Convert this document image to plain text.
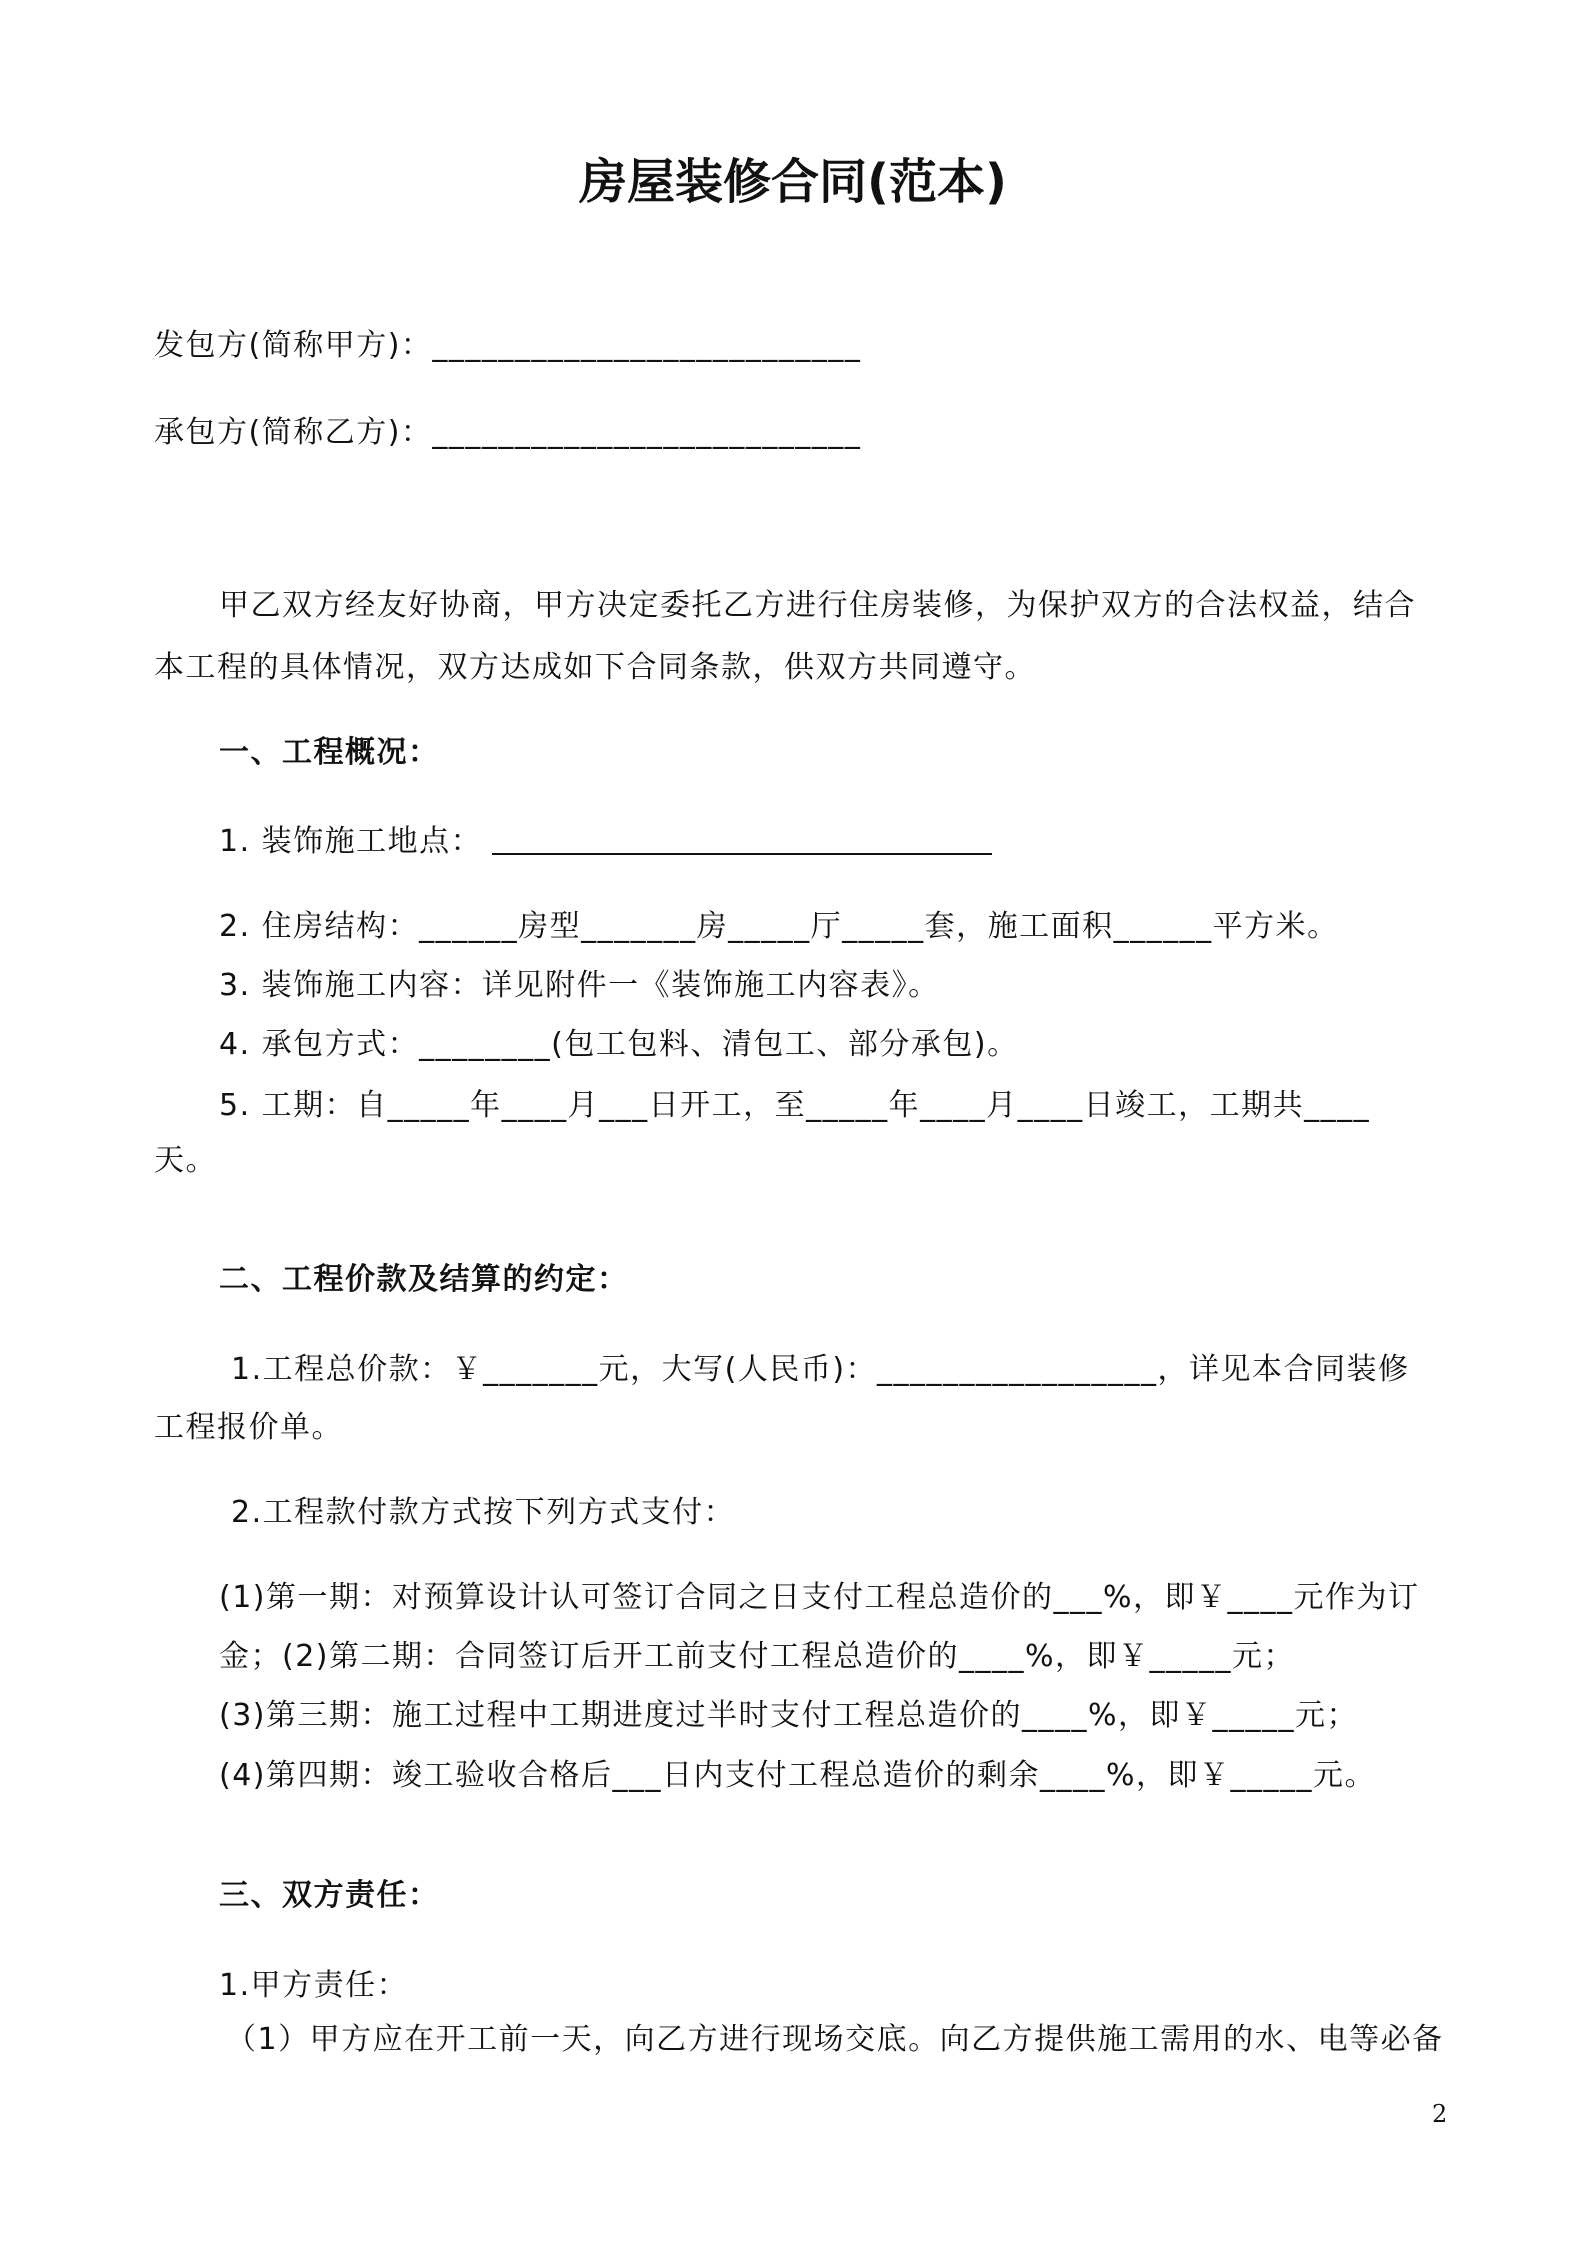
房屋装修合同(范本)
发包方(简称甲方)：__________________________
承包方(简称乙方)：__________________________
甲乙双方经友好协商，甲方决定委托乙方进行住房装修，为保护双方的合法权益，结合
本工程的具体情况，双方达成如下合同条款，供双方共同遵守。
一、工程概况：
1. 装饰施工地点：
2. 住房结构：______房型_______房_____厅_____套，施工面积______平方米。
3. 装饰施工内容：详见附件一《装饰施工内容表》。
4. 承包方式：________(包工包料、清包工、部分承包)。
5. 工期：自_____年____月___日开工，至_____年____月____日竣工，工期共____
天。
二、工程价款及结算的约定：
1.工程总价款：￥_______元，大写(人民币)：_________________，详见本合同装修
工程报价单。
2.工程款付款方式按下列方式支付：
(1)第一期：对预算设计认可签订合同之日支付工程总造价的___%，即￥____元作为订
金；(2)第二期：合同签订后开工前支付工程总造价的____%，即￥_____元；
(3)第三期：施工过程中工期进度过半时支付工程总造价的____%，即￥_____元；
(4)第四期：竣工验收合格后___日内支付工程总造价的剩余____%，即￥_____元。
三、双方责任：
1.甲方责任：
（1）甲方应在开工前一天，向乙方进行现场交底。向乙方提供施工需用的水、电等必备
2
